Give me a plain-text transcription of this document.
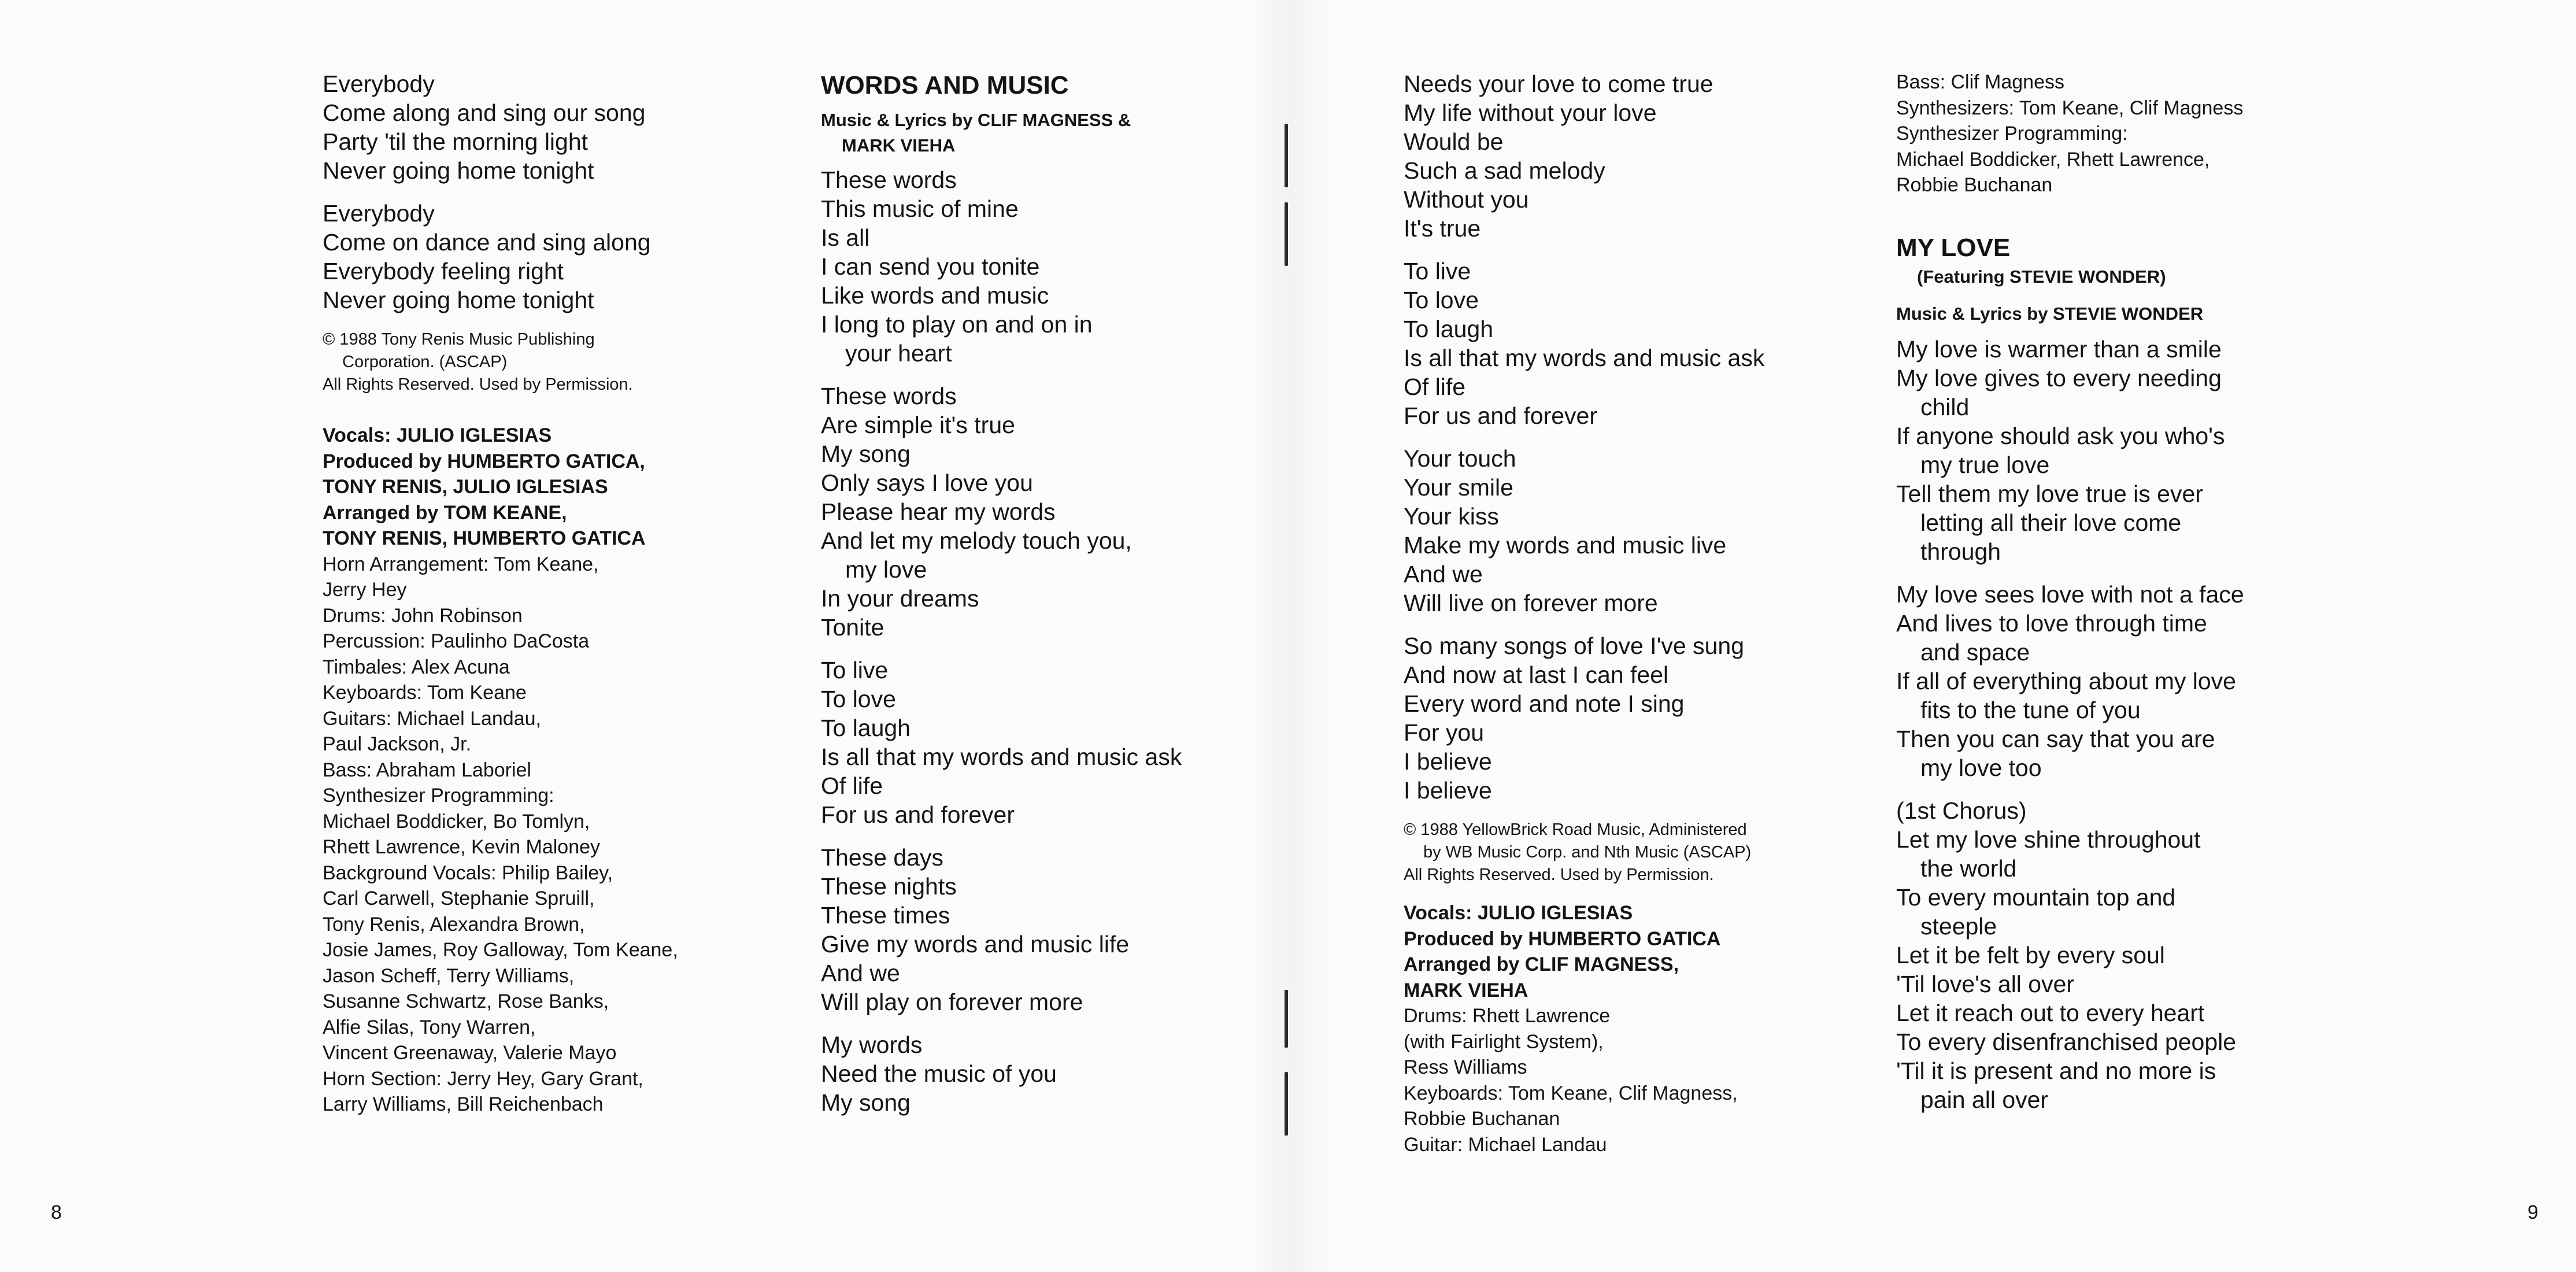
Everybody
Come along and sing our song
Party 'til the morning light
Never going home tonight
Everybody
Come on dance and sing along
Everybody feeling right
Never going home tonight
© 1988 Tony Renis Music Publishing
Corporation. (ASCAP)
All Rights Reserved. Used by Permission.
Vocals: JULIO IGLESIAS
Produced by HUMBERTO GATICA,
TONY RENIS, JULIO IGLESIAS
Arranged by TOM KEANE,
TONY RENIS, HUMBERTO GATICA
Horn Arrangement: Tom Keane,
Jerry Hey
Drums: John Robinson
Percussion: Paulinho DaCosta
Timbales: Alex Acuna
Keyboards: Tom Keane
Guitars: Michael Landau,
Paul Jackson, Jr.
Bass: Abraham Laboriel
Synthesizer Programming:
Michael Boddicker, Bo Tomlyn,
Rhett Lawrence, Kevin Maloney
Background Vocals: Philip Bailey,
Carl Carwell, Stephanie Spruill,
Tony Renis, Alexandra Brown,
Josie James, Roy Galloway, Tom Keane,
Jason Scheff, Terry Williams,
Susanne Schwartz, Rose Banks,
Alfie Silas, Tony Warren,
Vincent Greenaway, Valerie Mayo
Horn Section: Jerry Hey, Gary Grant,
Larry Williams, Bill Reichenbach
WORDS AND MUSIC
Music & Lyrics by CLIF MAGNESS &
MARK VIEHA
These words
This music of mine
Is all
I can send you tonite
Like words and music
I long to play on and on in
your heart
These words
Are simple it's true
My song
Only says I love you
Please hear my words
And let my melody touch you,
my love
In your dreams
Tonite
To live
To love
To laugh
Is all that my words and music ask
Of life
For us and forever
These days
These nights
These times
Give my words and music life
And we
Will play on forever more
My words
Need the music of you
My song
Needs your love to come true
My life without your love
Would be
Such a sad melody
Without you
It's true
To live
To love
To laugh
Is all that my words and music ask
Of life
For us and forever
Your touch
Your smile
Your kiss
Make my words and music live
And we
Will live on forever more
So many songs of love I've sung
And now at last I can feel
Every word and note I sing
For you
I believe
I believe
© 1988 YellowBrick Road Music, Administered
by WB Music Corp. and Nth Music (ASCAP)
All Rights Reserved. Used by Permission.
Vocals: JULIO IGLESIAS
Produced by HUMBERTO GATICA
Arranged by CLIF MAGNESS,
MARK VIEHA
Drums: Rhett Lawrence
(with Fairlight System),
Ress Williams
Keyboards: Tom Keane, Clif Magness,
Robbie Buchanan
Guitar: Michael Landau
Bass: Clif Magness
Synthesizers: Tom Keane, Clif Magness
Synthesizer Programming:
Michael Boddicker, Rhett Lawrence,
Robbie Buchanan
MY LOVE
(Featuring STEVIE WONDER)
Music & Lyrics by STEVIE WONDER
My love is warmer than a smile
My love gives to every needing
child
If anyone should ask you who's
my true love
Tell them my love true is ever
letting all their love come
through
My love sees love with not a face
And lives to love through time
and space
If all of everything about my love
fits to the tune of you
Then you can say that you are
my love too
(1st Chorus)
Let my love shine throughout
the world
To every mountain top and
steeple
Let it be felt by every soul
'Til love's all over
Let it reach out to every heart
To every disenfranchised people
'Til it is present and no more is
pain all over
8	9
